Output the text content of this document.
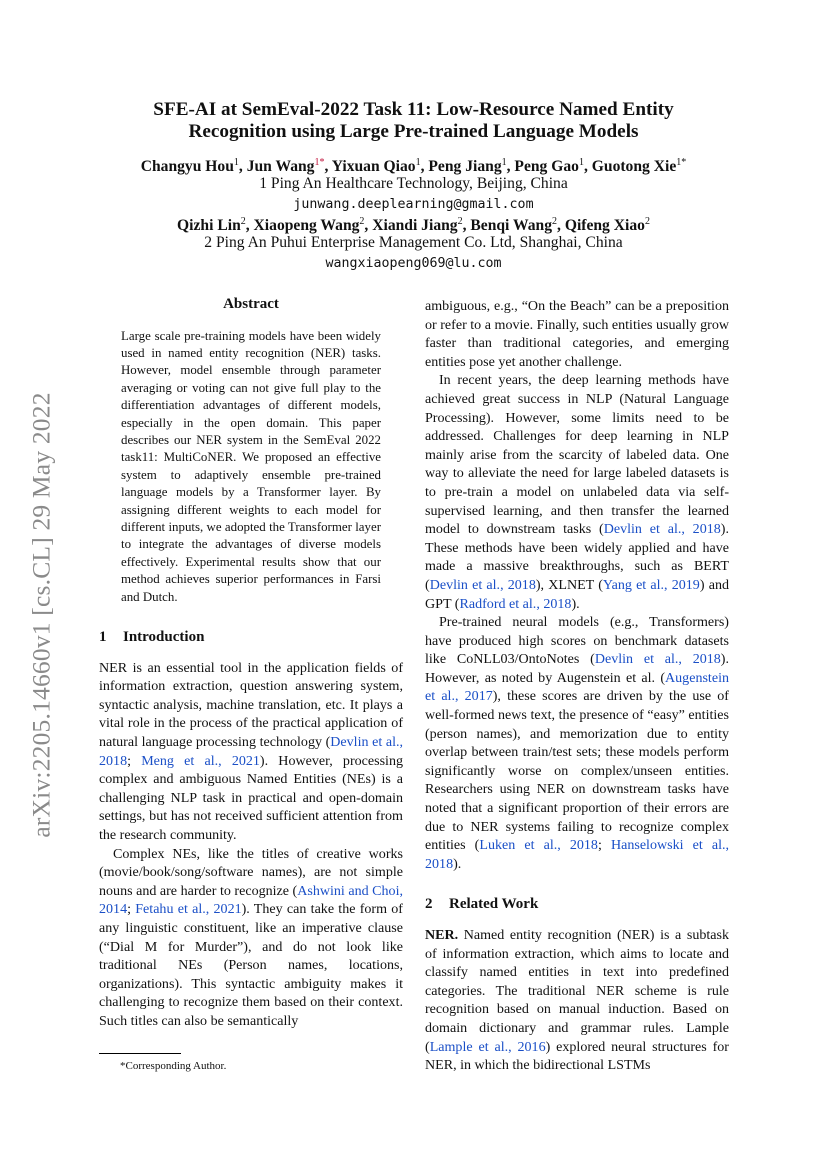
arXiv:2205.14660v1 [cs.CL] 29 May 2022
SFE-AI at SemEval-2022 Task 11: Low-Resource Named Entity
Recognition using Large Pre-trained Language Models
Changyu Hou$^1$, Jun Wang$^{1*}$, Yixuan Qiao$^1$, Peng Jiang$^1$, Peng Gao$^1$, Guotong Xie$^{1*}$
1 Ping An Healthcare Technology, Beijing, China
junwang.deeplearning@gmail.com
Qizhi Lin$^2$, Xiaopeng Wang$^2$, Xiandi Jiang$^2$, Benqi Wang$^2$, Qifeng Xiao$^2$
2 Ping An Puhui Enterprise Management Co. Ltd, Shanghai, China
wangxiaopeng069@lu.com
Abstract
Large scale pre-training models have been widely used in named entity recognition (NER) tasks. However, model ensemble through parameter averaging or voting can not give full play to the differentiation advantages of different models, especially in the open domain. This paper describes our NER system in the SemEval 2022 task11: MultiCoNER. We proposed an effective system to adaptively ensemble pre-trained language models by a Transformer layer. By assigning different weights to each model for different inputs, we adopted the Transformer layer to integrate the advantages of diverse models effectively. Experimental results show that our method achieves superior performances in Farsi and Dutch.
1 Introduction

NER is an essential tool in the application fields of information extraction, question answering system, syntactic analysis, machine translation, etc. It plays a vital role in the process of the practical application of natural language processing technology (Devlin et al., 2018; Meng et al., 2021). However, processing complex and ambiguous Named Entities (NEs) is a challenging NLP task in practical and open-domain settings, but has not received sufficient attention from the research community.

Complex NEs, like the titles of creative works (movie/book/song/software names), are not simple nouns and are harder to recognize (Ashwini and Choi, 2014; Fetahu et al., 2021). They can take the form of any linguistic constituent, like an imperative clause (“Dial M for Murder”), and do not look like traditional NEs (Person names, locations, organizations). This syntactic ambiguity makes it challenging to recognize them based on their context. Such titles can also be semantically

ambiguous, e.g., “On the Beach” can be a preposition or refer to a movie. Finally, such entities usually grow faster than traditional categories, and emerging entities pose yet another challenge.

In recent years, the deep learning methods have achieved great success in NLP (Natural Language Processing). However, some limits need to be addressed. Challenges for deep learning in NLP mainly arise from the scarcity of labeled data. One way to alleviate the need for large labeled datasets is to pre-train a model on unlabeled data via self-supervised learning, and then transfer the learned model to downstream tasks (Devlin et al., 2018). These methods have been widely applied and have made a massive breakthroughs, such as BERT (Devlin et al., 2018), XLNET (Yang et al., 2019) and GPT (Radford et al., 2018).

Pre-trained neural models (e.g., Transformers) have produced high scores on benchmark datasets like CoNLL03/OntoNotes (Devlin et al., 2018). However, as noted by Augenstein et al. (Augenstein et al., 2017), these scores are driven by the use of well-formed news text, the presence of “easy” entities (person names), and memorization due to entity overlap between train/test sets; these models perform significantly worse on complex/unseen entities. Researchers using NER on downstream tasks have noted that a significant proportion of their errors are due to NER systems failing to recognize complex entities (Luken et al., 2018; Hanselowski et al., 2018).

2 Related Work

NER. Named entity recognition (NER) is a subtask of information extraction, which aims to locate and classify named entities in text into predefined categories. The traditional NER scheme is rule recognition based on manual induction. Based on domain dictionary and grammar rules. Lample (Lample et al., 2016) explored neural structures for NER, in which the bidirectional LSTMs

*Corresponding Author.
